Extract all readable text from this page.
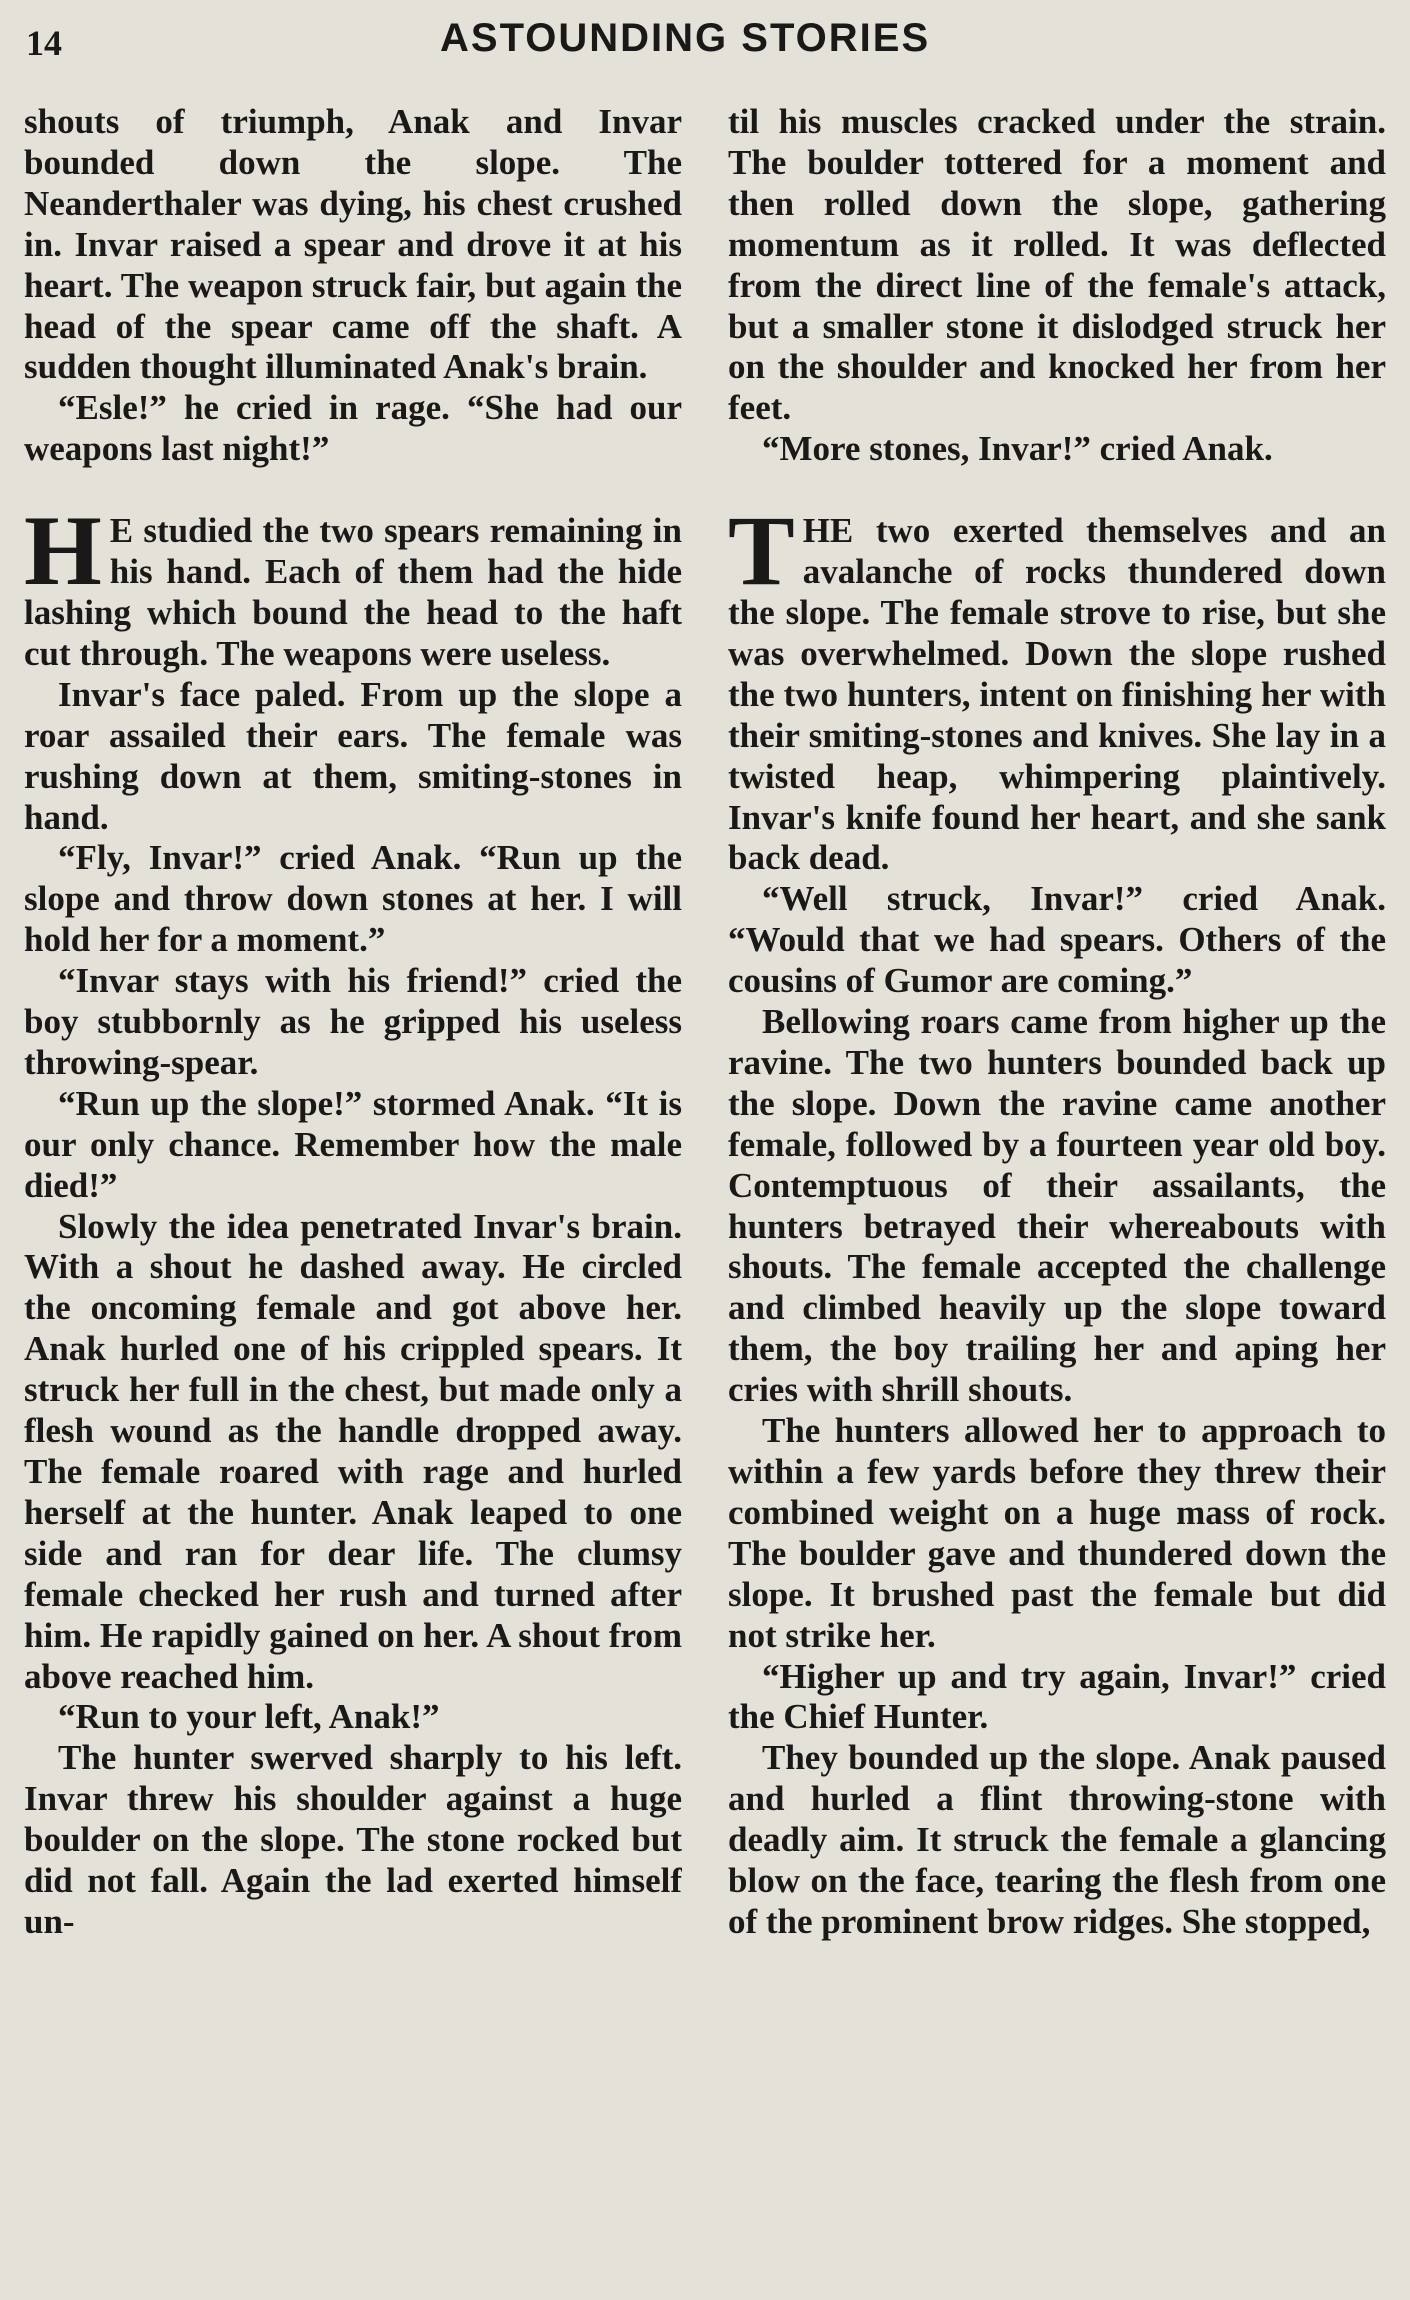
14	ASTOUNDING STORIES

shouts of triumph, Anak and Invar bounded down the slope. The Neanderthaler was dying, his chest crushed in. Invar raised a spear and drove it at his heart. The weapon struck fair, but again the head of the spear came off the shaft. A sudden thought illuminated Anak's brain.

“Esle!” he cried in rage. “She had our weapons last night!”

H E studied the two spears remaining in his hand. Each of them had the hide lashing which bound the head to the haft cut through. The weapons were useless.

Invar's face paled. From up the slope a roar assailed their ears. The female was rushing down at them, smiting-stones in hand.

“Fly, Invar!” cried Anak. “Run up the slope and throw down stones at her. I will hold her for a moment.”

“Invar stays with his friend!” cried the boy stubbornly as he gripped his useless throwing-spear.

“Run up the slope!” stormed Anak. “It is our only chance. Remember how the male died!”

Slowly the idea penetrated Invar's brain. With a shout he dashed away. He circled the oncoming female and got above her. Anak hurled one of his crippled spears. It struck her full in the chest, but made only a flesh wound as the handle dropped away. The female roared with rage and hurled herself at the hunter. Anak leaped to one side and ran for dear life. The clumsy female checked her rush and turned after him. He rapidly gained on her. A shout from above reached him.

“Run to your left, Anak!”

The hunter swerved sharply to his left. Invar threw his shoulder against a huge boulder on the slope. The stone rocked but did not fall. Again the lad exerted himself un-

til his muscles cracked under the strain. The boulder tottered for a moment and then rolled down the slope, gathering momentum as it rolled. It was deflected from the direct line of the female's attack, but a smaller stone it dislodged struck her on the shoulder and knocked her from her feet.

“More stones, Invar!” cried Anak.

THE two exerted themselves and an avalanche of rocks thundered down the slope. The female strove to rise, but she was overwhelmed. Down the slope rushed the two hunters, intent on finishing her with their smiting-stones and knives. She lay in a twisted heap, whimpering plaintively. Invar's knife found her heart, and she sank back dead.

“Well struck, Invar!” cried Anak. “Would that we had spears. Others of the cousins of Gumor are coming.”

Bellowing roars came from higher up the ravine. The two hunters bounded back up the slope. Down the ravine came another female, followed by a fourteen year old boy. Contemptuous of their assailants, the hunters betrayed their whereabouts with shouts. The female accepted the challenge and climbed heavily up the slope toward them, the boy trailing her and aping her cries with shrill shouts.

The hunters allowed her to approach to within a few yards before they threw their combined weight on a huge mass of rock. The boulder gave and thundered down the slope. It brushed past the female but did not strike her.

“Higher up and try again, Invar!” cried the Chief Hunter.

They bounded up the slope. Anak paused and hurled a flint throwing-stone with deadly aim. It struck the female a glancing blow on the face, tearing the flesh from one of the prominent brow ridges. She stopped,
